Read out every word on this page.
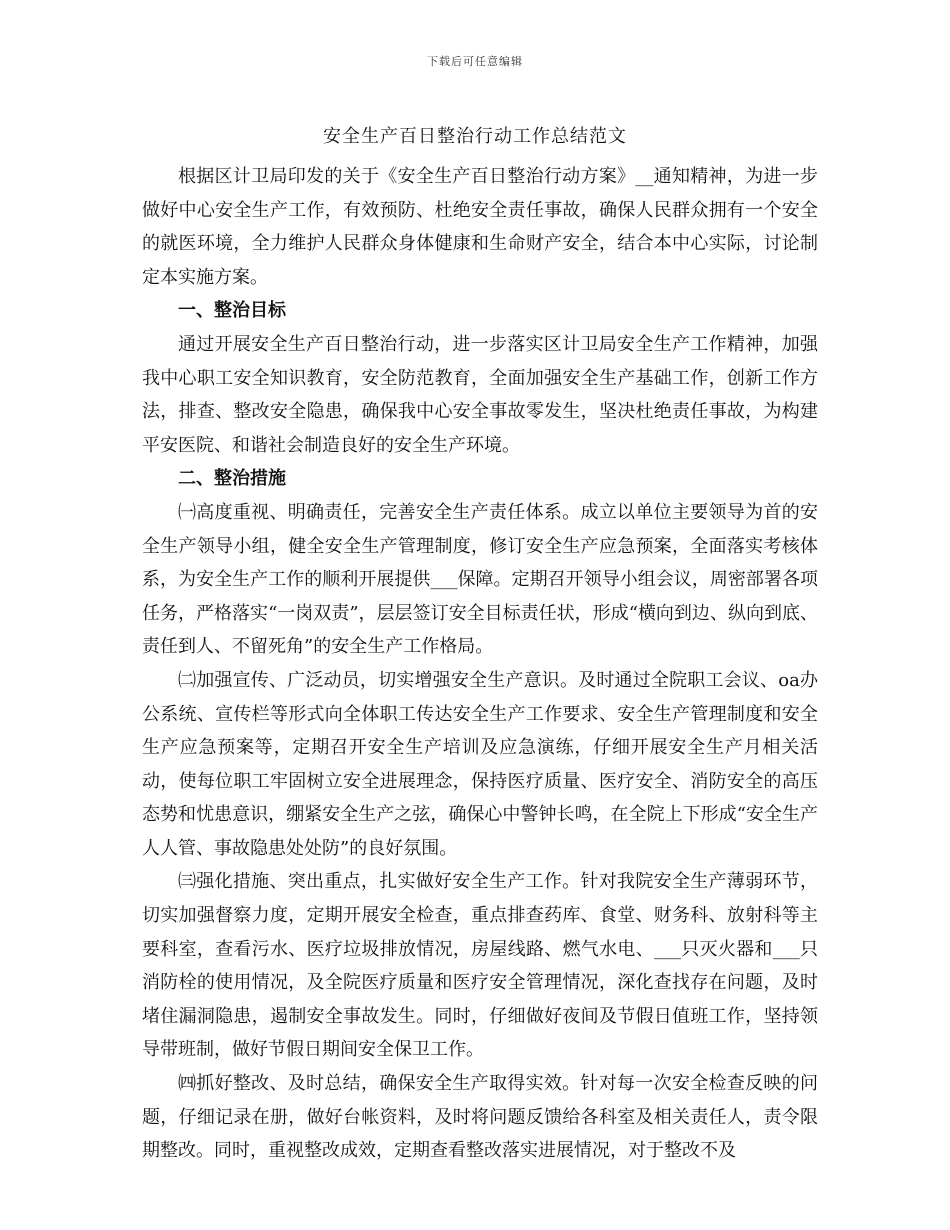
下载后可任意编辑
安全生产百日整治行动工作总结范文

根据区计卫局印发的关于《安全生产百日整治行动方案》__通知精神，为进一步做好中心安全生产工作，有效预防、杜绝安全责任事故，确保人民群众拥有一个安全的就医环境，全力维护人民群众身体健康和生命财产安全，结合本中心实际，讨论制定本实施方案。

一、整治目标

通过开展安全生产百日整治行动，进一步落实区计卫局安全生产工作精神，加强我中心职工安全知识教育，安全防范教育，全面加强安全生产基础工作，创新工作方法，排查、整改安全隐患，确保我中心安全事故零发生，坚决杜绝责任事故，为构建平安医院、和谐社会制造良好的安全生产环境。

二、整治措施

㈠高度重视、明确责任，完善安全生产责任体系。成立以单位主要领导为首的安全生产领导小组，健全安全生产管理制度，修订安全生产应急预案，全面落实考核体系，为安全生产工作的顺利开展提供___保障。定期召开领导小组会议，周密部署各项任务，严格落实“一岗双责”，层层签订安全目标责任状，形成“横向到边、纵向到底、责任到人、不留死角”的安全生产工作格局。

㈡加强宣传、广泛动员，切实增强安全生产意识。及时通过全院职工会议、oa办公系统、宣传栏等形式向全体职工传达安全生产工作要求、安全生产管理制度和安全生产应急预案等，定期召开安全生产培训及应急演练，仔细开展安全生产月相关活动，使每位职工牢固树立安全进展理念，保持医疗质量、医疗安全、消防安全的高压态势和忧患意识，绷紧安全生产之弦，确保心中警钟长鸣，在全院上下形成“安全生产人人管、事故隐患处处防”的良好氛围。

㈢强化措施、突出重点，扎实做好安全生产工作。针对我院安全生产薄弱环节，切实加强督察力度，定期开展安全检查，重点排查药库、食堂、财务科、放射科等主要科室，查看污水、医疗垃圾排放情况，房屋线路、燃气水电、___只灭火器和___只消防栓的使用情况，及全院医疗质量和医疗安全管理情况，深化查找存在问题，及时堵住漏洞隐患，遏制安全事故发生。同时，仔细做好夜间及节假日值班工作，坚持领导带班制，做好节假日期间安全保卫工作。

㈣抓好整改、及时总结，确保安全生产取得实效。针对每一次安全检查反映的问题，仔细记录在册，做好台帐资料，及时将问题反馈给各科室及相关责任人，责令限期整改。同时，重视整改成效，定期查看整改落实进展情况，对于整改不及
